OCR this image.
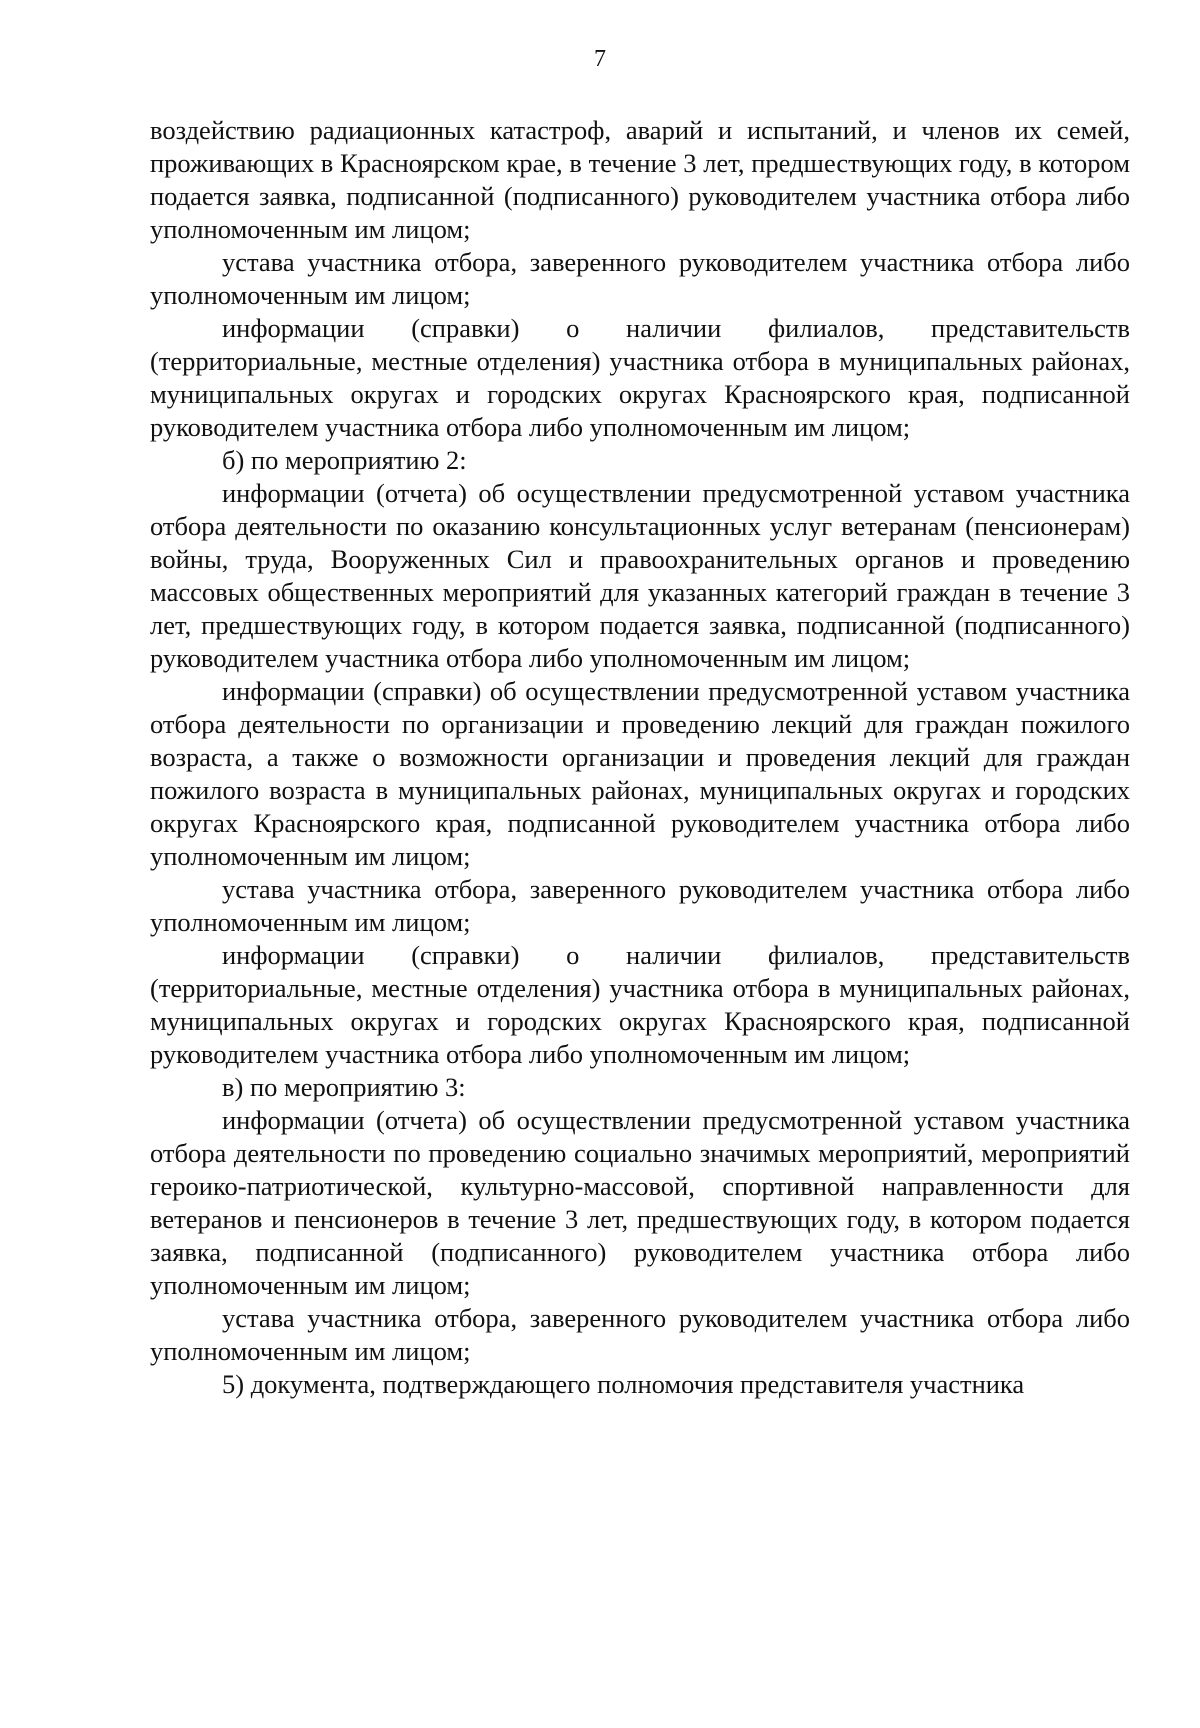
7

воздействию радиационных катастроф, аварий и испытаний, и членов их семей, проживающих в Красноярском крае, в течение 3 лет, предшествующих году, в котором подается заявка, подписанной (подписанного) руководителем участника отбора либо уполномоченным им лицом;

устава участника отбора, заверенного руководителем участника отбора либо уполномоченным им лицом;

информации (справки) о наличии филиалов, представительств (территориальные, местные отделения) участника отбора в муниципальных районах, муниципальных округах и городских округах Красноярского края, подписанной руководителем участника отбора либо уполномоченным им лицом;

б) по мероприятию 2:

информации (отчета) об осуществлении предусмотренной уставом участника отбора деятельности по оказанию консультационных услуг ветеранам (пенсионерам) войны, труда, Вооруженных Сил и правоохранительных органов и проведению массовых общественных мероприятий для указанных категорий граждан в течение 3 лет, предшествующих году, в котором подается заявка, подписанной (подписанного) руководителем участника отбора либо уполномоченным им лицом;

информации (справки) об осуществлении предусмотренной уставом участника отбора деятельности по организации и проведению лекций для граждан пожилого возраста, а также о возможности организации и проведения лекций для граждан пожилого возраста в муниципальных районах, муниципальных округах и городских округах Красноярского края, подписанной руководителем участника отбора либо уполномоченным им лицом;

устава участника отбора, заверенного руководителем участника отбора либо уполномоченным им лицом;

информации (справки) о наличии филиалов, представительств (территориальные, местные отделения) участника отбора в муниципальных районах, муниципальных округах и городских округах Красноярского края, подписанной руководителем участника отбора либо уполномоченным им лицом;

в) по мероприятию 3:

информации (отчета) об осуществлении предусмотренной уставом участника отбора деятельности по проведению социально значимых мероприятий, мероприятий героико-патриотической, культурно-массовой, спортивной направленности для ветеранов и пенсионеров в течение 3 лет, предшествующих году, в котором подается заявка, подписанной (подписанного) руководителем участника отбора либо уполномоченным им лицом;

устава участника отбора, заверенного руководителем участника отбора либо уполномоченным им лицом;

5) документа, подтверждающего полномочия представителя участника
